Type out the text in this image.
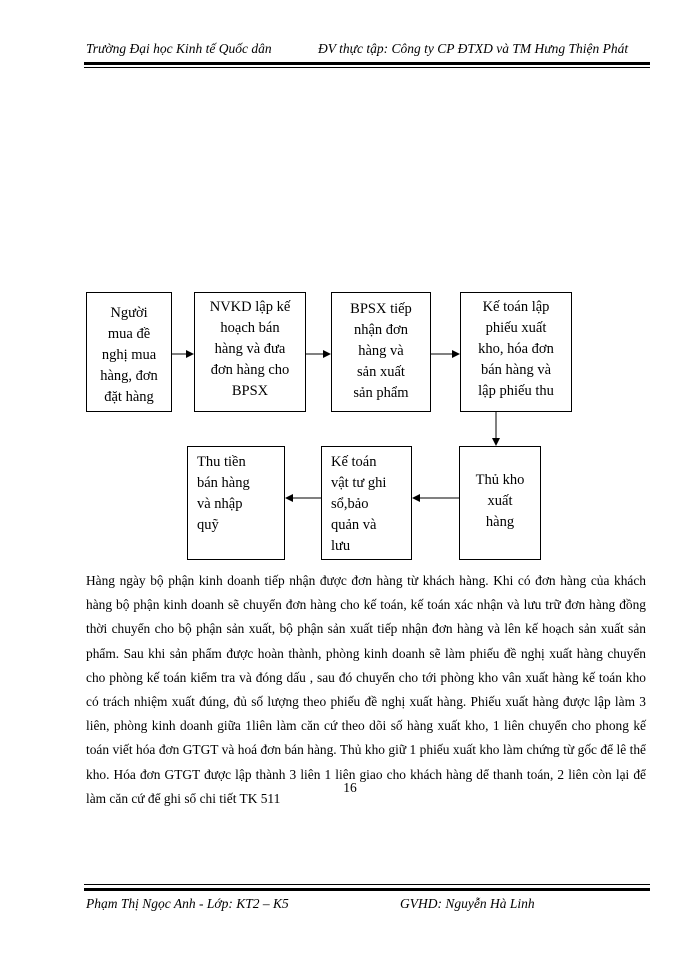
Trường Đại học Kinh tế Quốc dân	ĐV thực tập: Công ty CP ĐTXD và TM Hưng Thiện Phát
Người
mua đề
nghị mua
hàng, đơn
đặt hàng
NVKD lập kế
hoạch bán
hàng và đưa
đơn hàng cho
BPSX
BPSX tiếp
nhận đơn
hàng và
sản xuất
sản phẩm
Kế toán lập
phiếu xuất
kho, hóa đơn
bán hàng và
lập phiếu thu
Thủ kho
xuất
hàng
Kế toán
vật tư ghi
sổ,bảo
quản và
lưu
Thu tiền
bán hàng
và nhập
quỹ
Hàng ngày bộ phận kinh doanh tiếp nhận được đơn hàng từ khách hàng. Khi có đơn hàng của khách hàng bộ phận kinh doanh sẽ chuyển đơn hàng cho kế toán, kế toán xác nhận và lưu trữ đơn hàng đồng thời chuyển cho bộ phận sản xuất, bộ phận sản xuất tiếp nhận đơn hàng và lên kế hoạch sản xuất sản phẩm. Sau khi sản phẩm được hoàn thành, phòng kinh doanh sẽ làm phiếu đề nghị xuất hàng chuyển cho phòng kế toán kiểm tra và đóng dấu , sau đó chuyển cho tới phòng kho vân xuất hàng kế toán kho có trách nhiệm xuất đúng, đủ số lượng theo phiếu đề nghị xuất hàng. Phiếu xuất hàng được lập làm 3 liên, phòng kinh doanh giữa 1liên làm căn cứ theo dõi số hàng xuất kho, 1 liên chuyển cho phong kế toán viết hóa đơn GTGT và hoá đơn bán hàng. Thủ kho giữ 1 phiếu xuất kho làm chứng từ gốc để lê thể kho. Hóa đơn GTGT được lập thành 3 liên 1 liên giao cho khách hàng dể thanh toán, 2 liên còn lại để làm căn cứ để ghi sổ chi tiết TK 511
16
Phạm Thị Ngọc Anh - Lớp: KT2 – K5	GVHD: Nguyễn Hà Linh
